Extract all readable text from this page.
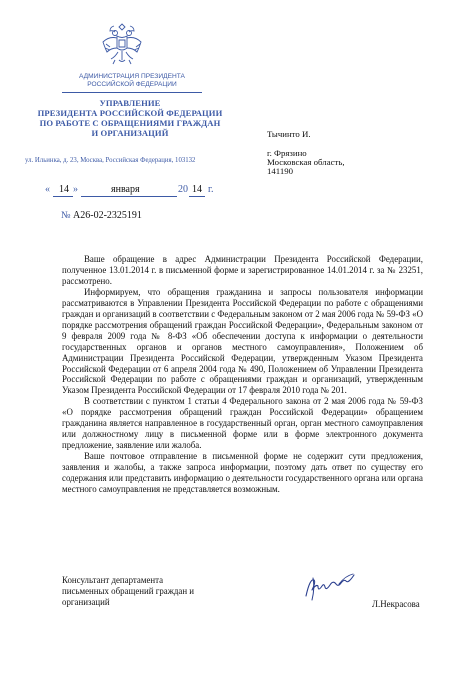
АДМИНИСТРАЦИЯ ПРЕЗИДЕНТА
РОССИЙСКОЙ ФЕДЕРАЦИИ
УПРАВЛЕНИЕ
ПРЕЗИДЕНТА РОССИЙСКОЙ ФЕДЕРАЦИИ
ПО РАБОТЕ С ОБРАЩЕНИЯМИ ГРАЖДАН
И ОРГАНИЗАЦИЙ
ул. Ильинка, д. 23, Москва, Российская Федерация, 103132
« 14 »	января	20 14 г.
№ А26-02-2325191
Тычинто И.
г. Фрязино
Московская область,
141190

Ваше обращение в адрес Администрации Президента Российской Федерации, полученное 13.01.2014 г. в письменной форме и зарегистрированное 14.01.2014 г. за № 23251, рассмотрено.

Информируем, что обращения гражданина и запросы пользователя информации рассматриваются в Управлении Президента Российской Федерации по работе с обращениями граждан и организаций в соответствии с Федеральным законом от 2 мая 2006 года № 59-ФЗ «О порядке рассмотрения обращений граждан Российской Федерации», Федеральным законом от 9 февраля 2009 года № 8-ФЗ «Об обеспечении доступа к информации о деятельности государственных органов и органов местного самоуправления», Положением об Администрации Президента Российской Федерации, утвержденным Указом Президента Российской Федерации от 6 апреля 2004 года № 490, Положением об Управлении Президента Российской Федерации по работе с обращениями граждан и организаций, утвержденным Указом Президента Российской Федерации от 17 февраля 2010 года № 201.

В соответствии с пунктом 1 статьи 4 Федерального закона от 2 мая 2006 года № 59-ФЗ «О порядке рассмотрения обращений граждан Российской Федерации» обращением гражданина является направленное в государственный орган, орган местного самоуправления или должностному лицу в письменной форме или в форме электронного документа предложение, заявление или жалоба.

Ваше почтовое отправление в письменной форме не содержит сути предложения, заявления и жалобы, а также запроса информации, поэтому дать ответ по существу его содержания или представить информацию о деятельности государственного органа или органа местного самоуправления не представляется возможным.

Консультант департамента
письменных обращений граждан и
организаций	Л.Некрасова
